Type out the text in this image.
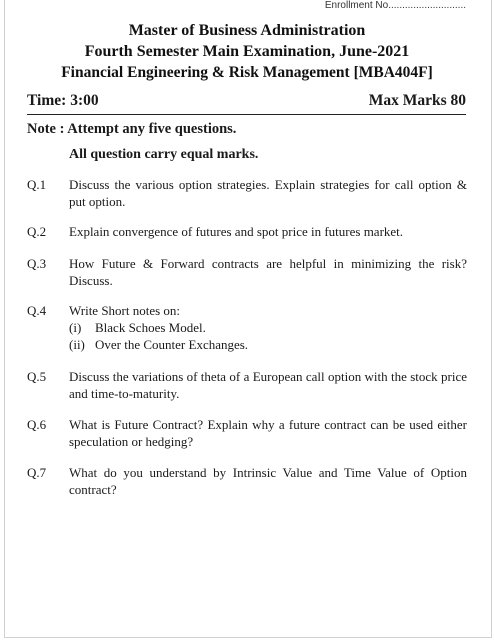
Enrollment No............................
Master of Business Administration
Fourth Semester Main Examination, June-2021
Financial Engineering & Risk Management [MBA404F]
Time: 3:00	Max Marks 80
Note : Attempt any five questions.
All question carry equal marks.
Q.1 Discuss the various option strategies. Explain strategies for call option & put option.
Q.2 Explain convergence of futures and spot price in futures market.
Q.3 How Future & Forward contracts are helpful in minimizing the risk? Discuss.
Q.4 Write Short notes on:
(i) Black Schoes Model.
(ii) Over the Counter Exchanges.
Q.5 Discuss the variations of theta of a European call option with the stock price and time-to-maturity.
Q.6 What is Future Contract? Explain why a future contract can be used either speculation or hedging?
Q.7 What do you understand by Intrinsic Value and Time Value of Option contract?
